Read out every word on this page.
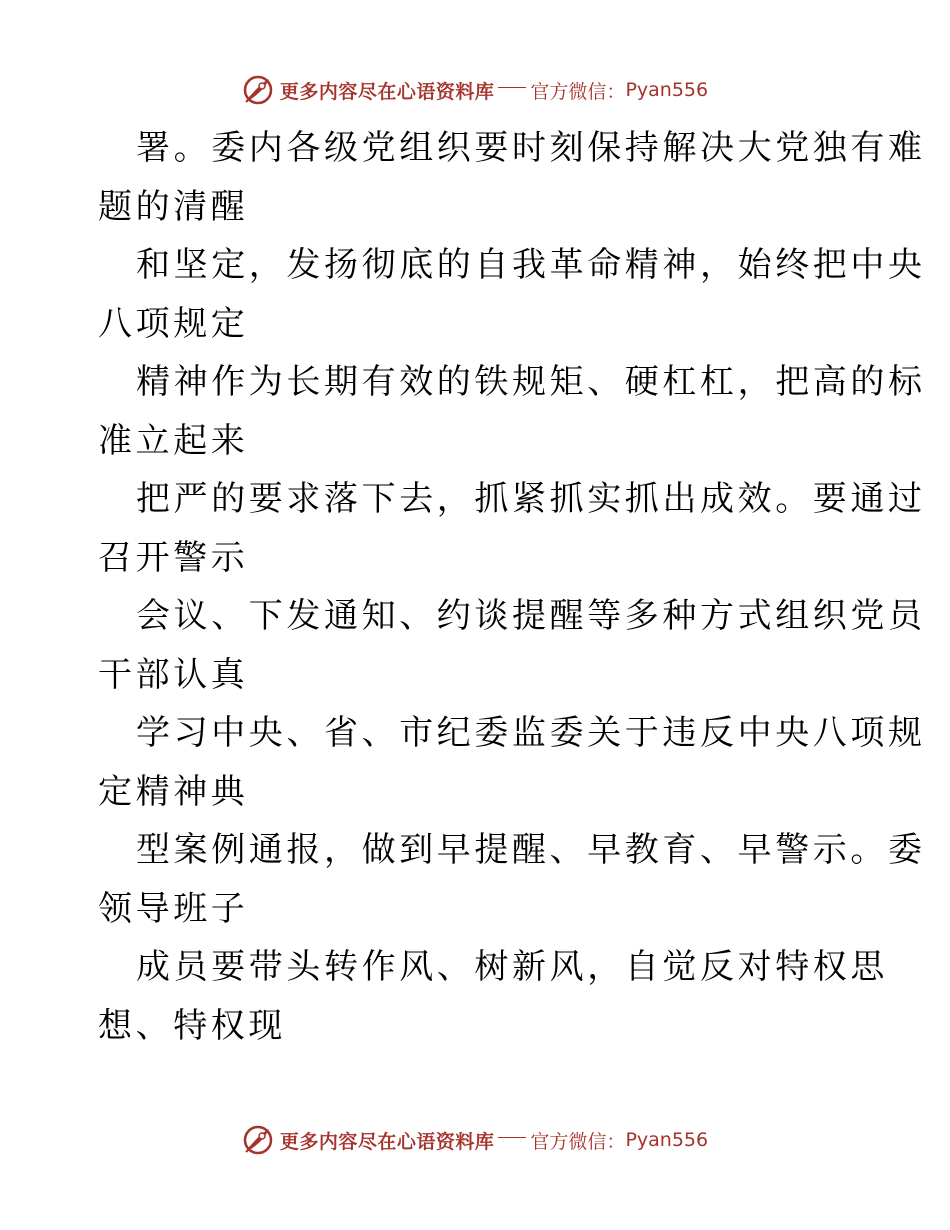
更多内容尽在心语资料库 官方微信： Pyan556
署。委内各级党组织要时刻保持解决大党独有难
题的清醒
和坚定，发扬彻底的自我革命精神，始终把中央
八项规定
精神作为长期有效的铁规矩、硬杠杠，把高的标
准立起来
把严的要求落下去，抓紧抓实抓出成效。要通过
召开警示
会议、下发通知、约谈提醒等多种方式组织党员
干部认真
学习中央、省、市纪委监委关于违反中央八项规
定精神典
型案例通报，做到早提醒、早教育、早警示。委
领导班子
成员要带头转作风、树新风，自觉反对特权思
想、特权现
更多内容尽在心语资料库 官方微信： Pyan556
